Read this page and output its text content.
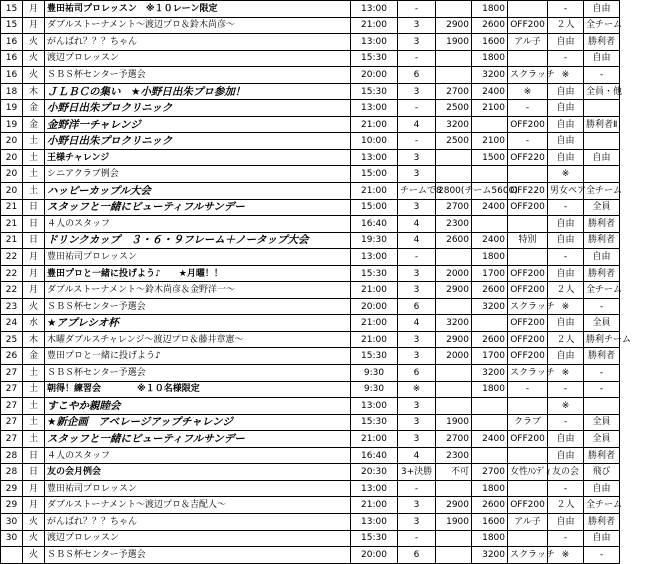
15	月	豊田祐司プロレッスン　※１０レーン限定	13:00	-		1800		-	自由	
15	月	ダブルストーナメント～渡辺プロ＆鈴木尚彦～	21:00	3	2900	2600	OFF200	２人	全チーム	
16	火	がんばれ？？？ちゃん	13:00	3	1900	1600	アル子	自由	勝利者	
16	火	渡辺プロレッスン	15:30	-		1800		-	自由	
16	火	ＳＢＳ杯センター予選会	20:00	6		3200	スクラッチ	※	-	
18	木	ＪＬＢＣの集い　★小野日出朱プロ参加！	15:30	3	2700	2400	※	自由	全員・他	
19	金	小野日出朱プロクリニック	13:00	-	2500	2100	-	自由		
19	金	金野洋一チャレンジ	21:00	4	3200		OFF200	自由	勝利者Ⅱ	
20	土	小野日出朱プロクリニック	10:00	-	2500	2100	-	自由		
20	土	王様チャレンジ	13:00	3		1500	OFF220	自由	自由	
20	土	シニアクラブ例会	15:00	3				※		
20	土	ハッピーカップル大会	21:00	チームで8	2800(チーム5600)		OFF220	男女ペア	全チーム	
21	日	スタッフと一緒にビューティフルサンデー	15:00	3	2700	2400	OFF200	-	全員	
21	日	４人のスタッフ	16:40	4	2300			自由	勝利者	
21	日	ドリンクカップ　３・６・９フレーム＋ノータップ大会	19:30	4	2600	2400	特別	自由	勝利者	
22	月	豊田祐司プロレッスン	13:00	-		1800		-	自由	
22	月	豊田プロと一緒に投げよう♪　　★月曜！！	15:30	3	2000	1700	OFF200	自由	勝利者	
22	月	ダブルストーナメント～鈴木尚彦＆金野洋一～	21:00	3	2900	2600	OFF200	２人	全チーム	
23	火	ＳＢＳ杯センター予選会	20:00	6		3200	スクラッチ	※	-	
24	水	★アプレシオ杯	21:00	4	3200		OFF200	自由	全員	
25	木	木曜ダブルスチャレンジ～渡辺プロ＆藤井章憲～	21:00	3	2900	2600	OFF200	２人	勝利チーム	
26	金	豊田プロと一緒に投げよう♪	15:30	3	2000	1700	OFF200	自由	勝利者	
27	土	ＳＢＳ杯センター予選会	9:30	6		3200	スクラッチ	※	-	
27	土	朝得！練習会　　　　※１０名様限定	9:30	※		1800	-	-	-	
27	土	すこやか親睦会	13:00	3				※		
27	土	★新企画　アベレージアップチャレンジ	15:30	3	1900		クラブ	-	全員	
27	土	スタッフと一緒にビューティフルサンデー	21:00	3	2700	2400	OFF200	自由	全員	
28	日	４人のスタッフ	16:40	4	2300			自由	勝利者	
28	日	友の会月例会	20:30	3+決勝	不可	2700	女性ﾊﾝﾃﾞｨ	友の会	飛び	
29	月	豊田祐司プロレッスン	13:00	-		1800		-	自由	
29	月	ダブルストーナメント～渡辺プロ＆吉配人～	21:00	3	2900	2600	OFF200	２人	全チーム	
30	火	がんばれ？？？ちゃん	13:00	3	1900	1600	アル子	自由	勝利者	
30	火	渡辺プロレッスン	15:30	-		1800		-	自由	
	火	ＳＢＳ杯センター予選会	20:00	6		3200	スクラッチ	※	-	
